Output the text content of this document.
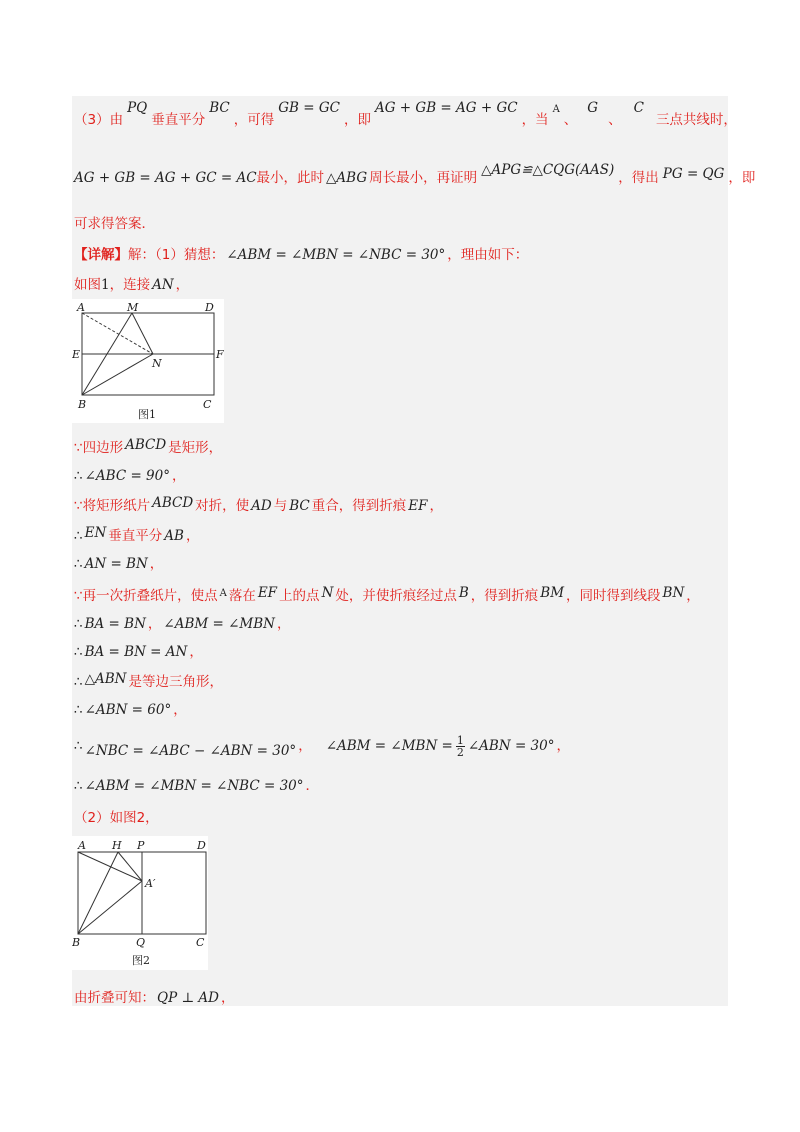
（3）由PQ垂直平分BC，可得GB = GC，即AG + GB = AG + GC，当$^A$、G、C三点共线时，
AG + GB = AG + GC = AC最小，此时 △ABG 周长最小，再证明 △APG≌△CQG(AAS) ，得出 PG = QG ，即
可求得答案．
【详解】解：（1）猜想： ∠ABM = ∠MBN = ∠NBC = 30° ，理由如下：
如图1，连接 AN ，
A	M	D
E	F
N
B	C
图1
∵四边形 ABCD 是矩形，
∴ ∠ABC = 90° ，
∵将矩形纸片 ABCD 对折，使 AD 与 BC 重合，得到折痕 EF ，
∴ EN 垂直平分 AB ，
∴ AN = BN ，
∵再一次折叠纸片，使点 $^A$ 落在 EF 上的点 N 处，并使折痕经过点 B ，得到折痕 BM ，同时得到线段 BN ，
∴ BA = BN ， ∠ABM = ∠MBN ，
∴ BA = BN = AN ，
∴ △ABN 是等边三角形，
∴ ∠ABN = 60° ，
∴ ∠NBC = ∠ABC − ∠ABN = 30° ， ∠ABM = ∠MBN = $\frac{1}{2}$ ∠ABN = 30° ，
∴ ∠ABM = ∠MBN = ∠NBC = 30° ．
（2）如图2，
A H P	D
A′
B	Q	C
图2
由折叠可知： QP ⊥ AD ，
